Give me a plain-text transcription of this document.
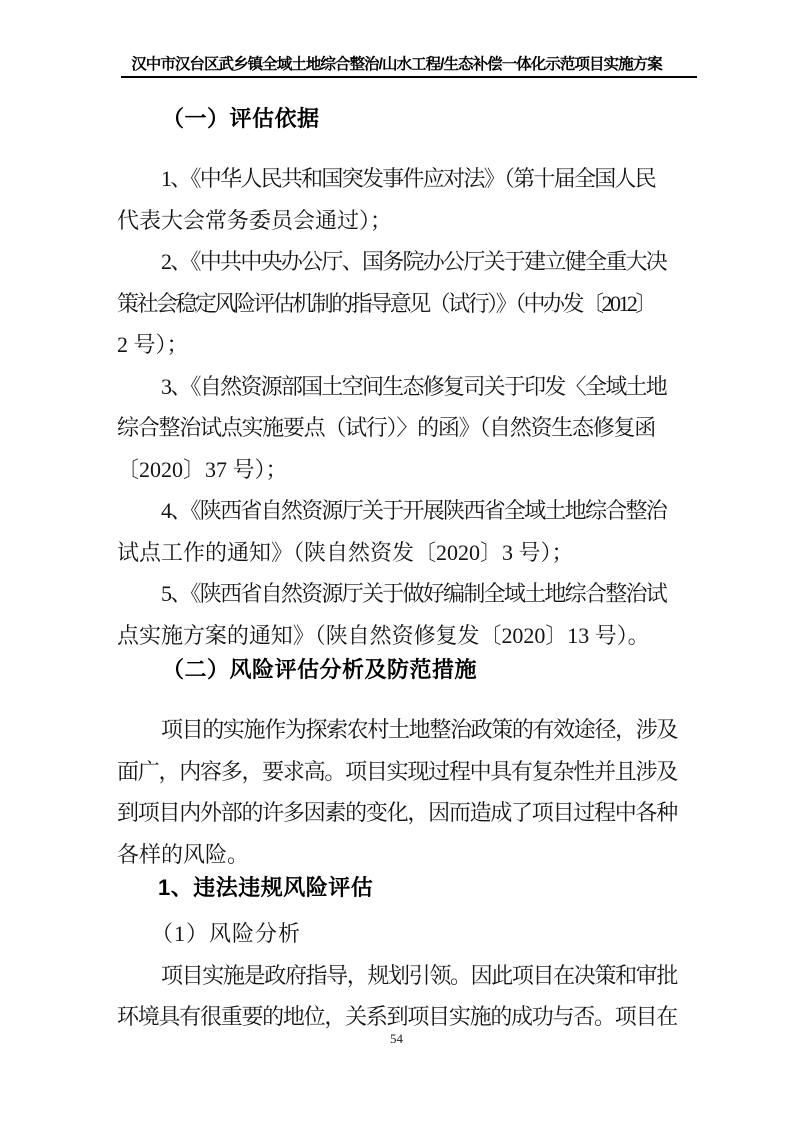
汉中市汉台区武乡镇全域土地综合整治/山水工程/生态补偿一体化示范项目实施方案
（一）评估依据
1、《中华人民共和国突发事件应对法》（第十届全国人民
代表大会常务委员会通过）；
2、《中共中央办公厅、国务院办公厅关于建立健全重大决
策社会稳定风险评估机制的指导意见（试行）》（中办发〔2012〕
2 号）；
3、《自然资源部国土空间生态修复司关于印发〈全域土地
综合整治试点实施要点（试行）〉的函》（自然资生态修复函
〔2020〕37 号）；
4、《陕西省自然资源厅关于开展陕西省全域土地综合整治
试点工作的通知》（陕自然资发〔2020〕3 号）；
5、《陕西省自然资源厅关于做好编制全域土地综合整治试
点实施方案的通知》（陕自然资修复发〔2020〕13 号）。
（二）风险评估分析及防范措施
项目的实施作为探索农村土地整治政策的有效途径，涉及
面广，内容多，要求高。项目实现过程中具有复杂性并且涉及
到项目内外部的许多因素的变化，因而造成了项目过程中各种
各样的风险。
1、违法违规风险评估
（1）风险分析
项目实施是政府指导，规划引领。因此项目在决策和审批
环境具有很重要的地位，关系到项目实施的成功与否。项目在
54
